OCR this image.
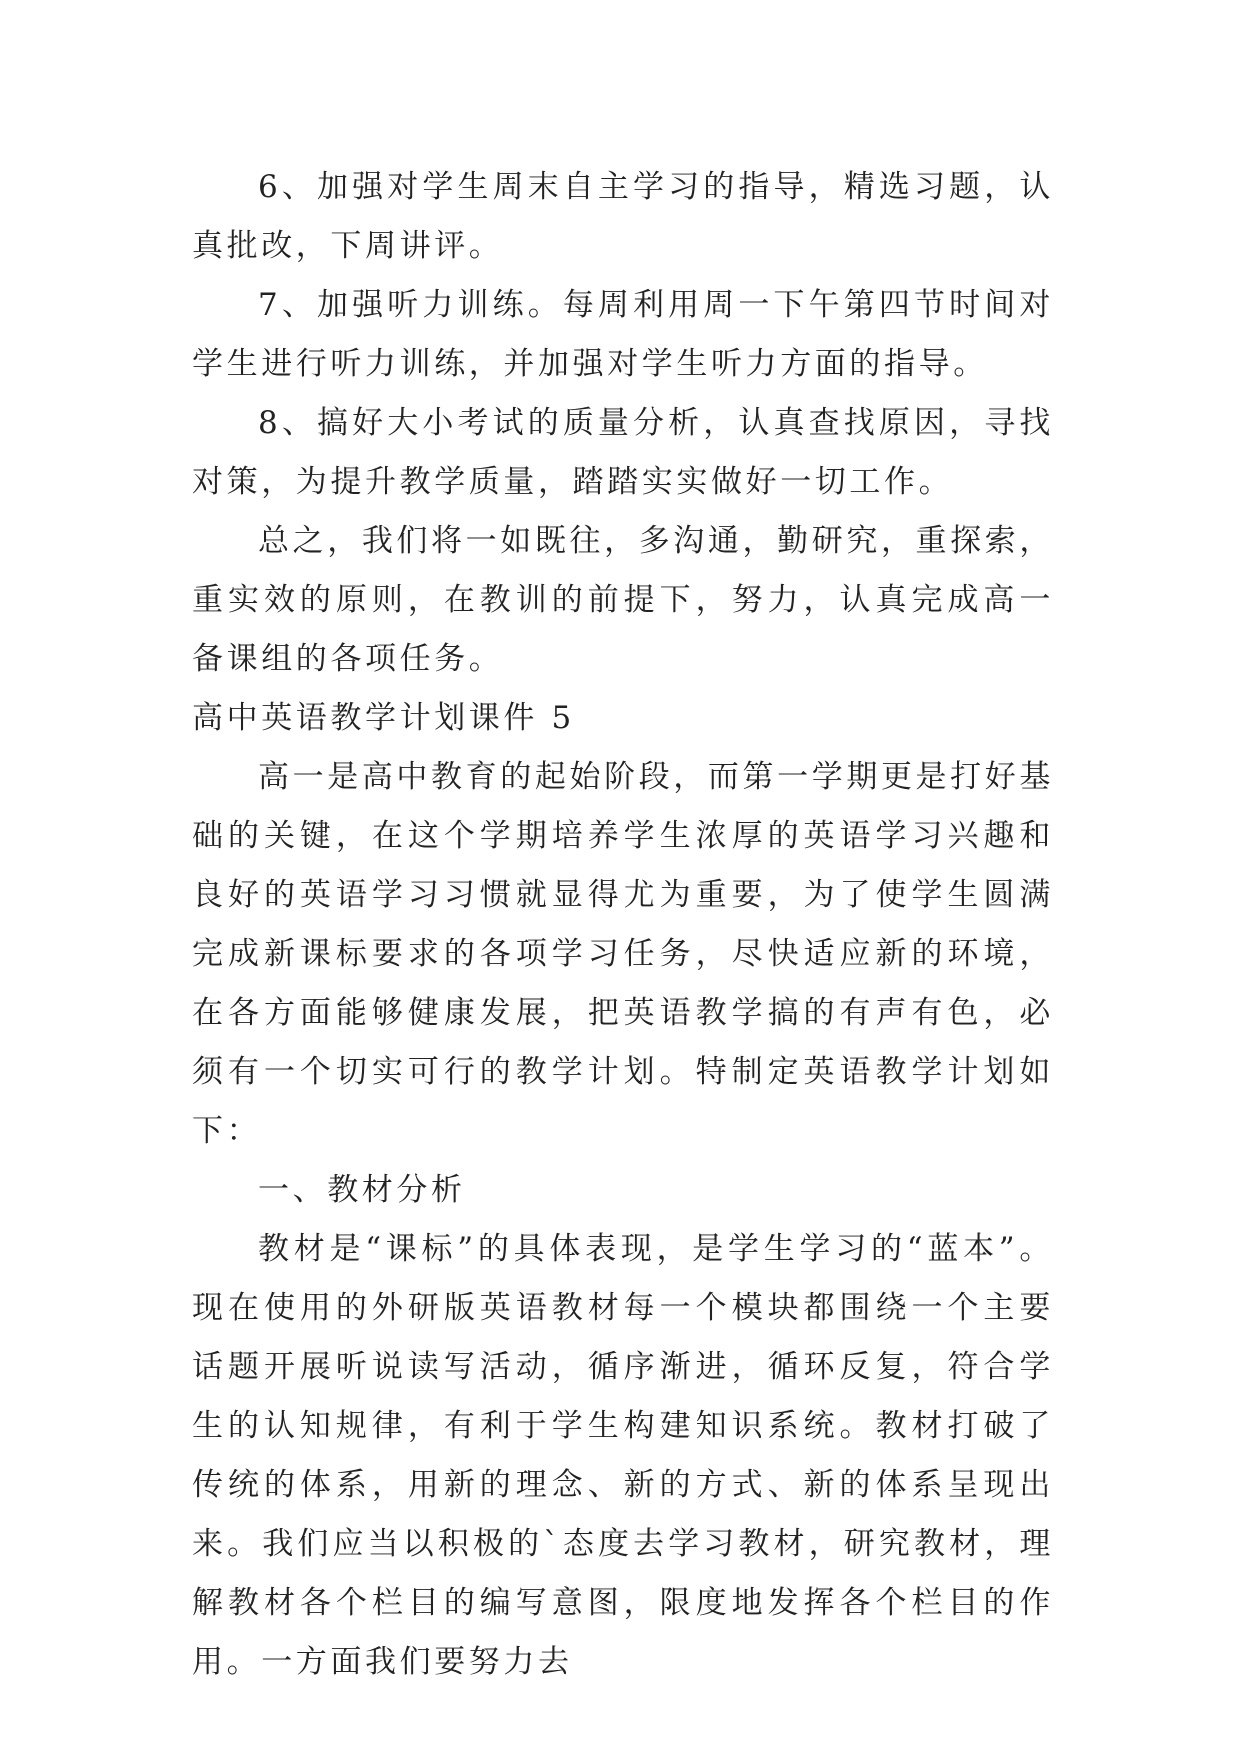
6、加强对学生周末自主学习的指导，精选习题，认真批改，下周讲评。

7、加强听力训练。每周利用周一下午第四节时间对学生进行听力训练，并加强对学生听力方面的指导。

8、搞好大小考试的质量分析，认真查找原因，寻找对策，为提升教学质量，踏踏实实做好一切工作。

总之，我们将一如既往，多沟通，勤研究，重探索，重实效的原则，在教训的前提下，努力，认真完成高一备课组的各项任务。

高中英语教学计划课件 5

高一是高中教育的起始阶段，而第一学期更是打好基础的关键，在这个学期培养学生浓厚的英语学习兴趣和良好的英语学习习惯就显得尤为重要，为了使学生圆满完成新课标要求的各项学习任务，尽快适应新的环境，在各方面能够健康发展，把英语教学搞的有声有色，必须有一个切实可行的教学计划。特制定英语教学计划如下：

一、教材分析

教材是“课标”的具体表现，是学生学习的“蓝本”。现在使用的外研版英语教材每一个模块都围绕一个主要话题开展听说读写活动，循序渐进，循环反复，符合学生的认知规律，有利于学生构建知识系统。教材打破了传统的体系，用新的理念、新的方式、新的体系呈现出来。我们应当以积极的`态度去学习教材，研究教材，理解教材各个栏目的编写意图，限度地发挥各个栏目的作用。一方面我们要努力去
